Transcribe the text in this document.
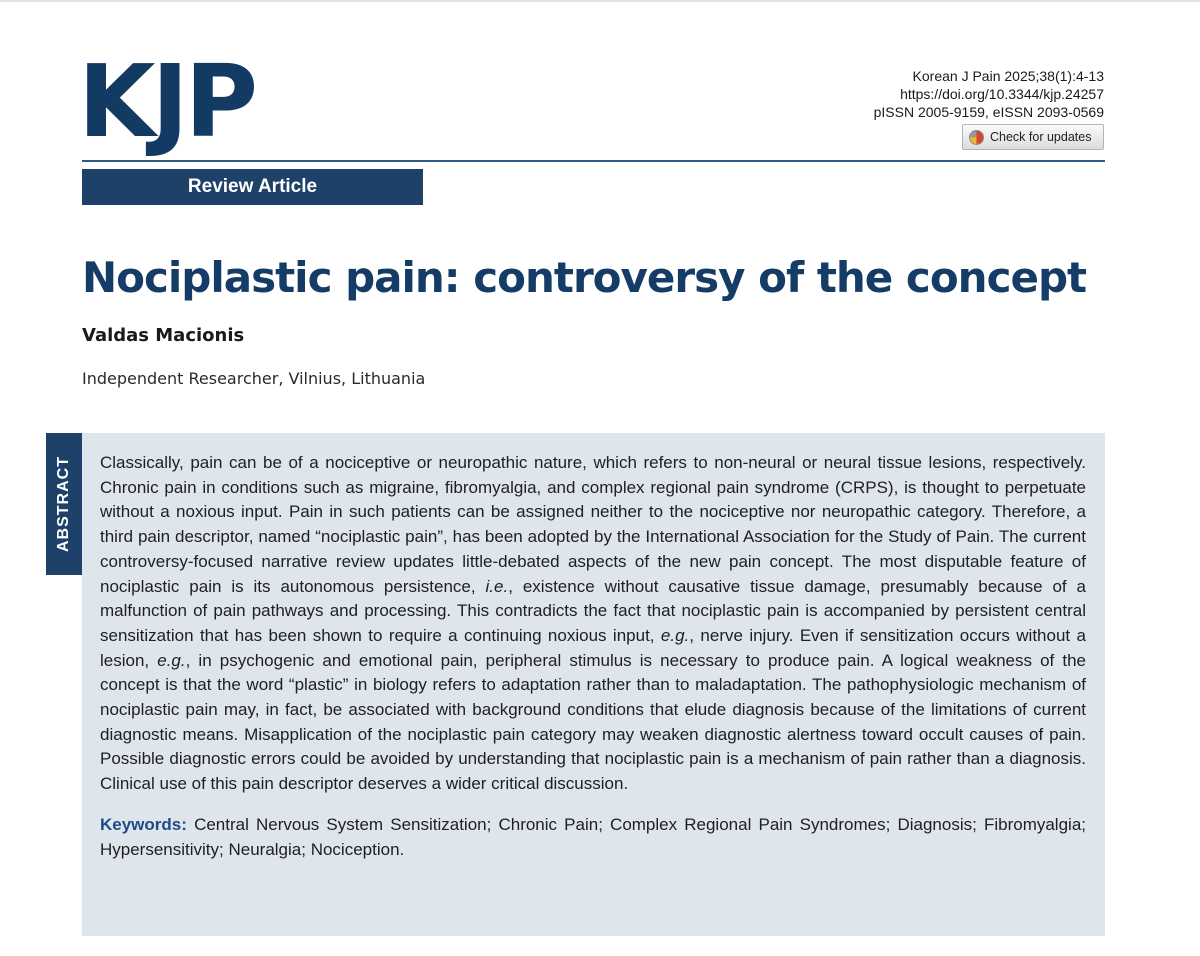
KJP	Korean J Pain 2025;38(1):4-13
https://doi.org/10.3344/kjp.24257
pISSN 2005-9159, eISSN 2093-0569
Check for updates
Review Article
Nociplastic pain: controversy of the concept
Valdas Macionis
Independent Researcher, Vilnius, Lithuania
ABSTRACT Classically, pain can be of a nociceptive or neuropathic nature, which refers to non-neural or neural tissue lesions, respectively. Chronic pain in conditions such as migraine, fibromyalgia, and complex regional pain syndrome (CRPS), is thought to perpetuate without a noxious input. Pain in such patients can be assigned neither to the nociceptive nor neuropathic category. Therefore, a third pain descriptor, named “nociplastic pain”, has been adopted by the International Association for the Study of Pain. The current controversy-focused narrative review updates little-debated aspects of the new pain concept. The most disputable feature of nociplastic pain is its autonomous persistence, i.e., existence without causative tissue damage, presumably because of a malfunction of pain pathways and processing. This contradicts the fact that nociplastic pain is accompanied by persistent central sensitization that has been shown to require a continuing noxious input, e.g., nerve injury. Even if sensitization occurs without a lesion, e.g., in psychogenic and emotional pain, peripheral stimulus is necessary to produce pain. A logical weakness of the concept is that the word “plastic” in biology refers to adaptation rather than to maladaptation. The pathophysiologic mechanism of nociplastic pain may, in fact, be associated with background conditions that elude diagnosis because of the limitations of current diagnostic means. Misapplication of the nociplastic pain category may weaken diagnostic alertness toward occult causes of pain. Possible diagnostic errors could be avoided by understanding that nociplastic pain is a mechanism of pain rather than a diagnosis. Clinical use of this pain descriptor deserves a wider critical discussion.

Keywords: Central Nervous System Sensitization; Chronic Pain; Complex Regional Pain Syndromes; Diagnosis; Fibromyalgia; Hypersensitivity; Neuralgia; Nociception.
